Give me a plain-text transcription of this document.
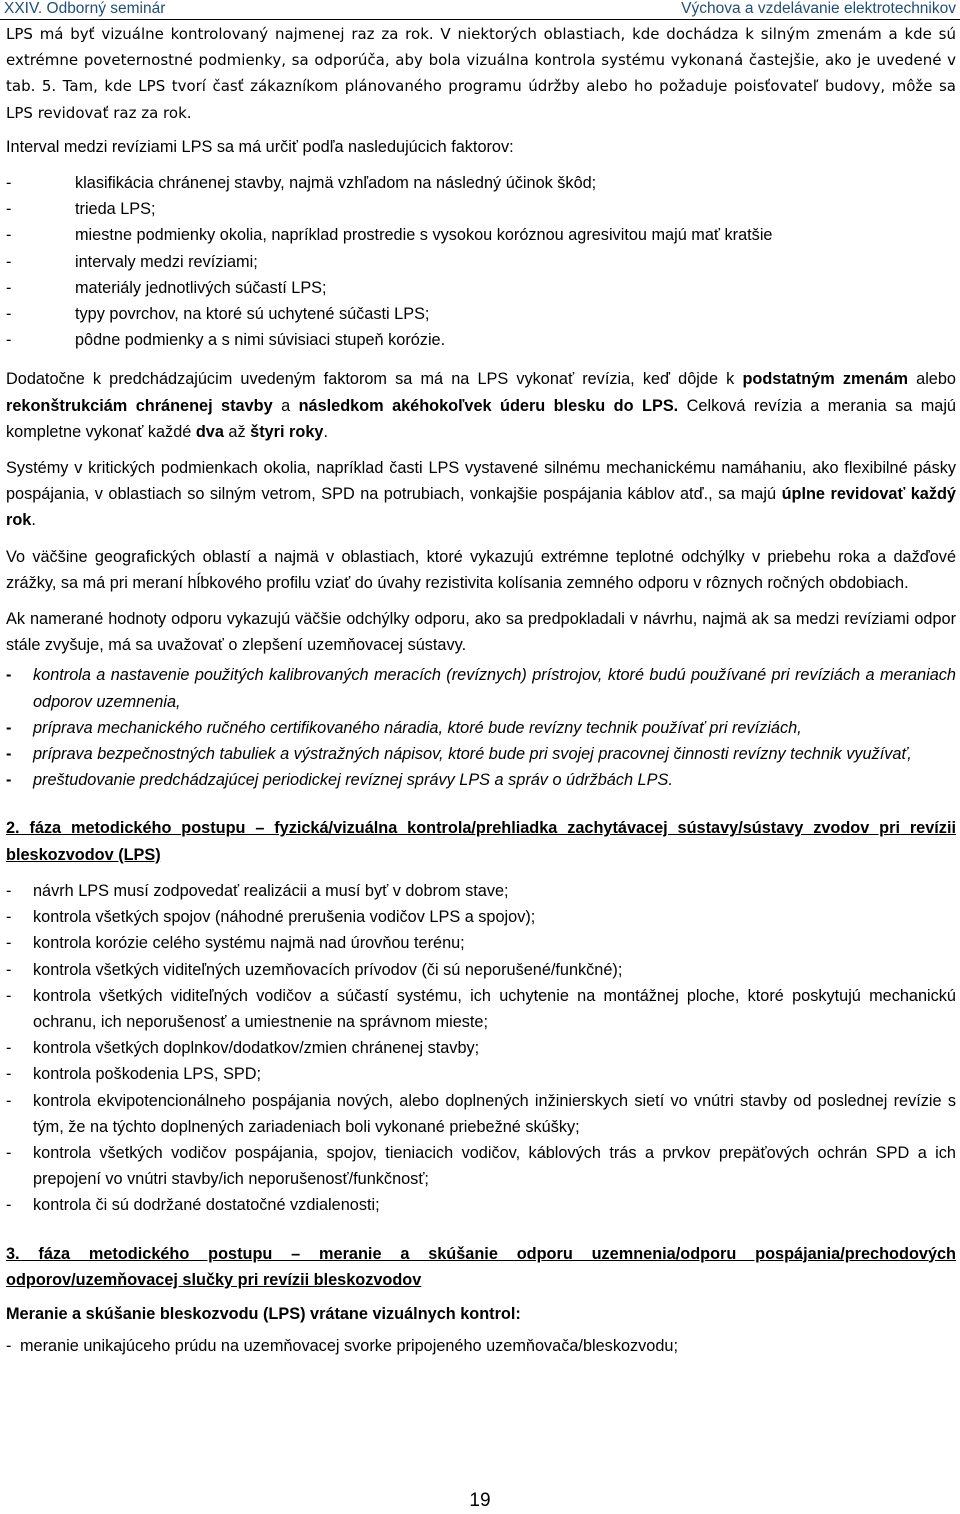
XXIV. Odborný seminár	Výchova a vzdelávanie elektrotechnikov

LPS má byť vizuálne kontrolovaný najmenej raz za rok. V niektorých oblastiach, kde dochádza k silným zmenám a kde sú extrémne poveternostné podmienky, sa odporúča, aby bola vizuálna kontrola systému vykonaná častejšie, ako je uvedené v tab. 5. Tam, kde LPS tvorí časť zákazníkom plánovaného programu údržby alebo ho požaduje poisťovateľ budovy, môže sa LPS revidovať raz za rok.

Interval medzi revíziami LPS sa má určiť podľa nasledujúcich faktorov:

-	klasifikácia chránenej stavby, najmä vzhľadom na následný účinok škôd;
-	trieda LPS;
-	miestne podmienky okolia, napríklad prostredie s vysokou koróznou agresivitou majú mať kratšie
-	intervaly medzi revíziami;
-	materiály jednotlivých súčastí LPS;
-	typy povrchov, na ktoré sú uchytené súčasti LPS;
-	pôdne podmienky a s nimi súvisiaci stupeň korózie.

Dodatočne k predchádzajúcim uvedeným faktorom sa má na LPS vykonať revízia, keď dôjde k podstatným zmenám alebo rekonštrukciám chránenej stavby a následkom akéhokoľvek úderu blesku do LPS. Celková revízia a merania sa majú kompletne vykonať každé dva až štyri roky.

Systémy v kritických podmienkach okolia, napríklad časti LPS vystavené silnému mechanickému namáhaniu, ako flexibilné pásky pospájania, v oblastiach so silným vetrom, SPD na potrubiach, vonkajšie pospájania káblov atď., sa majú úplne revidovať každý rok.

Vo väčšine geografických oblastí a najmä v oblastiach, ktoré vykazujú extrémne teplotné odchýlky v priebehu roka a dažďové zrážky, sa má pri meraní hĺbkového profilu vziať do úvahy rezistivita kolísania zemného odporu v rôznych ročných obdobiach.

Ak namerané hodnoty odporu vykazujú väčšie odchýlky odporu, ako sa predpokladali v návrhu, najmä ak sa medzi revíziami odpor stále zvyšuje, má sa uvažovať o zlepšení uzemňovacej sústavy.

-	kontrola a nastavenie použitých kalibrovaných meracích (revíznych) prístrojov, ktoré budú používané pri revíziách a meraniach odporov uzemnenia,
-	príprava mechanického ručného certifikovaného náradia, ktoré bude revízny technik používať pri revíziách,
-	príprava bezpečnostných tabuliek a výstražných nápisov, ktoré bude pri svojej pracovnej činnosti revízny technik využívať,
-	preštudovanie predchádzajúcej periodickej revíznej správy LPS a správ o údržbách LPS.

2. fáza metodického postupu – fyzická/vizuálna kontrola/prehliadka zachytávacej sústavy/sústavy zvodov pri revízii bleskozvodov (LPS)

-	návrh LPS musí zodpovedať realizácii a musí byť v dobrom stave;
-	kontrola všetkých spojov (náhodné prerušenia vodičov LPS a spojov);
-	kontrola korózie celého systému najmä nad úrovňou terénu;
-	kontrola všetkých viditeľných uzemňovacích prívodov (či sú neporušené/funkčné);
-	kontrola všetkých viditeľných vodičov a súčastí systému, ich uchytenie na montážnej ploche, ktoré poskytujú mechanickú ochranu, ich neporušenosť a umiestnenie na správnom mieste;
-	kontrola všetkých doplnkov/dodatkov/zmien chránenej stavby;
-	kontrola poškodenia LPS, SPD;
-	kontrola ekvipotencionálneho pospájania nových, alebo doplnených inžinierskych sietí vo vnútri stavby od poslednej revízie s tým, že na týchto doplnených zariadeniach boli vykonané priebežné skúšky;
-	kontrola všetkých vodičov pospájania, spojov, tieniacich vodičov, káblových trás a prvkov prepäťových ochrán SPD a ich prepojení vo vnútri stavby/ich neporušenosť/funkčnosť;
-	kontrola či sú dodržané dostatočné vzdialenosti;

3. fáza metodického postupu – meranie a skúšanie odporu uzemnenia/odporu pospájania/prechodových odporov/uzemňovacej slučky pri revízii bleskozvodov

Meranie a skúšanie bleskozvodu (LPS) vrátane vizuálnych kontrol:

- meranie unikajúceho prúdu na uzemňovacej svorke pripojeného uzemňovača/bleskozvodu;
19
